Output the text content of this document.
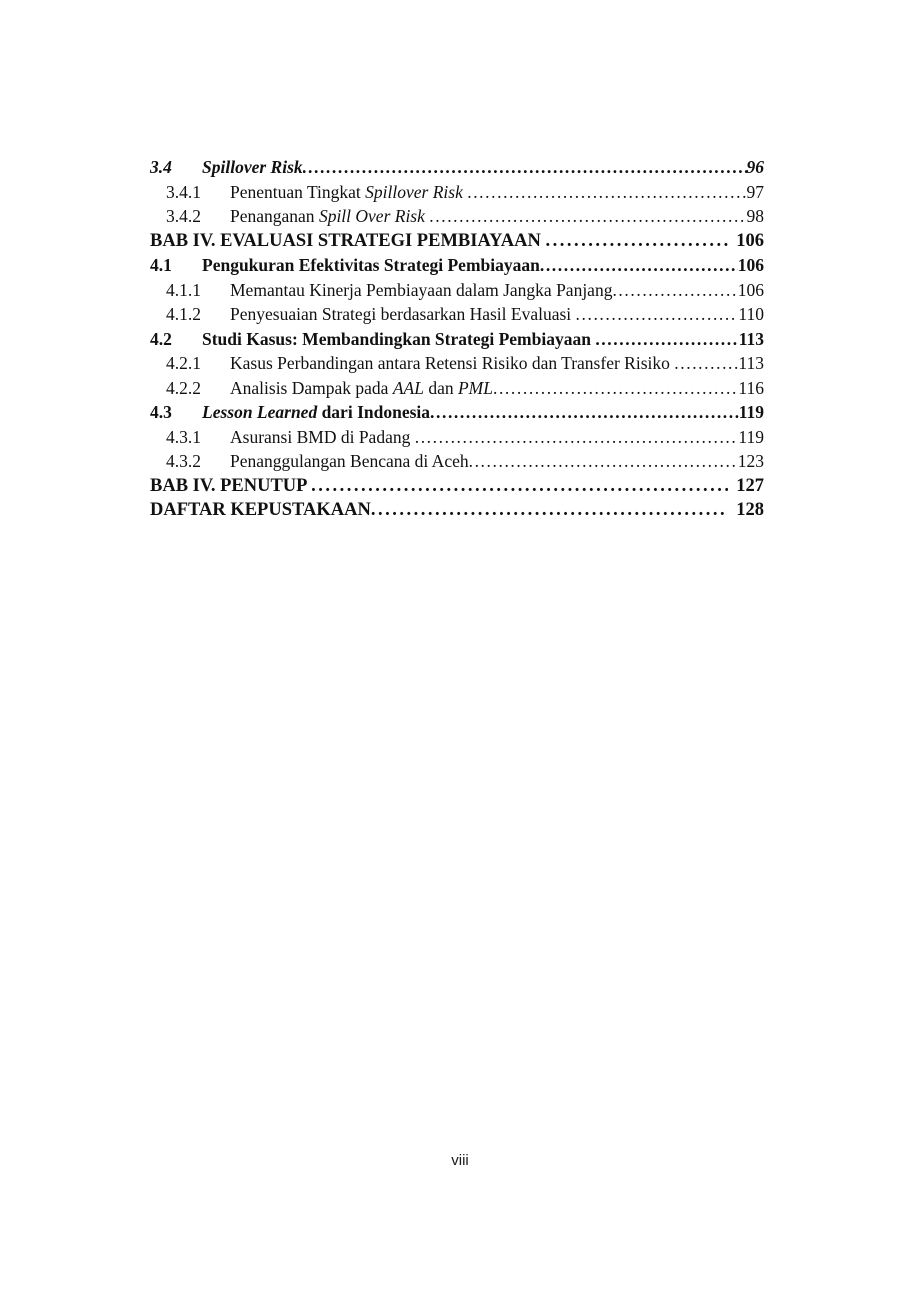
3.4	Spillover Risk .....	96
3.4.1	Penentuan Tingkat Spillover Risk .....	97
3.4.2	Penanganan Spill Over Risk .....	98
BAB IV. EVALUASI STRATEGI PEMBIAYAAN .....	106
4.1	Pengukuran Efektivitas Strategi Pembiayaan .....	106
4.1.1	Memantau Kinerja Pembiayaan dalam Jangka Panjang .....	106
4.1.2	Penyesuaian Strategi berdasarkan Hasil Evaluasi .....	110
4.2	Studi Kasus: Membandingkan Strategi Pembiayaan .....	113
4.2.1	Kasus Perbandingan antara Retensi Risiko dan Transfer Risiko .....	113
4.2.2	Analisis Dampak pada AAL dan PML .....	116
4.3	Lesson Learned dari Indonesia .....	119
4.3.1	Asuransi BMD di Padang .....	119
4.3.2	Penanggulangan Bencana di Aceh .....	123
BAB IV. PENUTUP .....	127
DAFTAR KEPUSTAKAAN .....	128
viii
